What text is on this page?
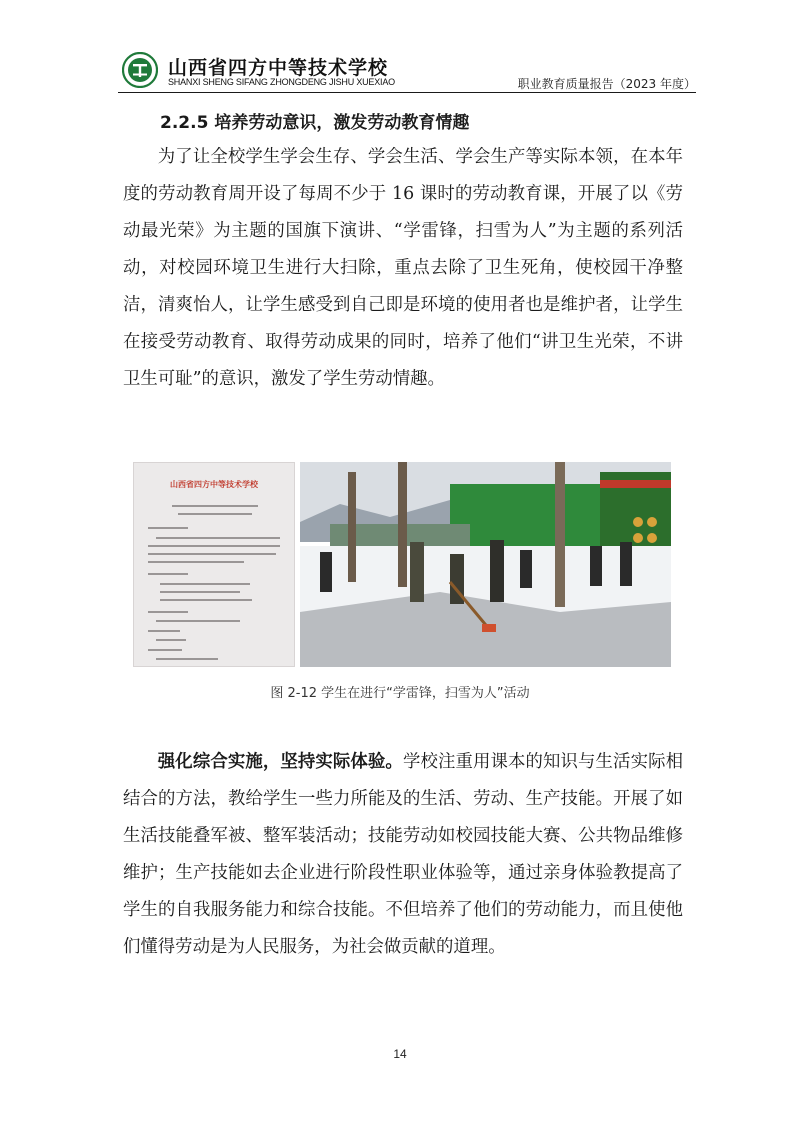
山西省四方中等技术学校
SHANXI SHENG SIFANG ZHONGDENG JISHU XUEXIAO	职业教育质量报告（2023 年度）
2.2.5 培养劳动意识，激发劳动教育情趣

为了让全校学生学会生存、学会生活、学会生产等实际本领，在本年度的劳动教育周开设了每周不少于 16 课时的劳动教育课，开展了以《劳动最光荣》为主题的国旗下演讲、“学雷锋，扫雪为人”为主题的系列活动，对校园环境卫生进行大扫除，重点去除了卫生死角，使校园干净整洁，清爽怡人，让学生感受到自己即是环境的使用者也是维护者，让学生在接受劳动教育、取得劳动成果的同时，培养了他们“讲卫生光荣，不讲卫生可耻”的意识，激发了学生劳动情趣。

山西省四方中等技术学校
图 2-12 学生在进行“学雷锋，扫雪为人”活动

强化综合实施，坚持实际体验。学校注重用课本的知识与生活实际相结合的方法，教给学生一些力所能及的生活、劳动、生产技能。开展了如生活技能叠军被、整军装活动；技能劳动如校园技能大赛、公共物品维修维护；生产技能如去企业进行阶段性职业体验等，通过亲身体验教提高了学生的自我服务能力和综合技能。不但培养了他们的劳动能力，而且使他们懂得劳动是为人民服务，为社会做贡献的道理。

14
